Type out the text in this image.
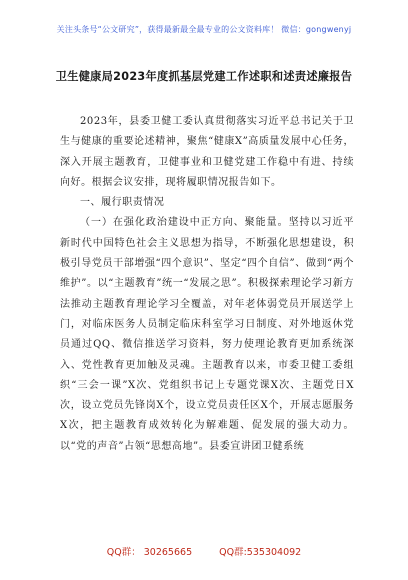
关注头条号“公文研究”，获得最新最全最专业的公文资料库！ 微信：gongwenyj
卫生健康局2023年度抓基层党建工作述职和述责述廉报告

2023年，县委卫健工委认真贯彻落实习近平总书记关于卫生与健康的重要论述精神，聚焦“健康X”高质量发展中心任务，深入开展主题教育，卫健事业和卫健党建工作稳中有进、持续向好。根据会议安排，现将履职情况报告如下。

一、履行职责情况

（一）在强化政治建设中正方向、聚能量。坚持以习近平新时代中国特色社会主义思想为指导，不断强化思想建设，积极引导党员干部增强“四个意识”、坚定“四个自信”、做到“两个维护”。以“主题教育”统一“发展之思”。积极探索理论学习新方法推动主题教育理论学习全覆盖，对年老体弱党员开展送学上门，对临床医务人员制定临床科室学习日制度、对外地返休党员通过QQ、微信推送学习资料，努力使理论教育更加系统深入、党性教育更加触及灵魂。主题教育以来，市委卫健工委组织“三会一课”X次、党组织书记上专题党课X次、主题党日X次，设立党员先锋岗X个，设立党员责任区X个，开展志愿服务X次，把主题教育成效转化为解难题、促发展的强大动力。以“党的声音”占领“思想高地”。县委宣讲团卫健系统

QQ群： 30265665	QQ群:535304092
